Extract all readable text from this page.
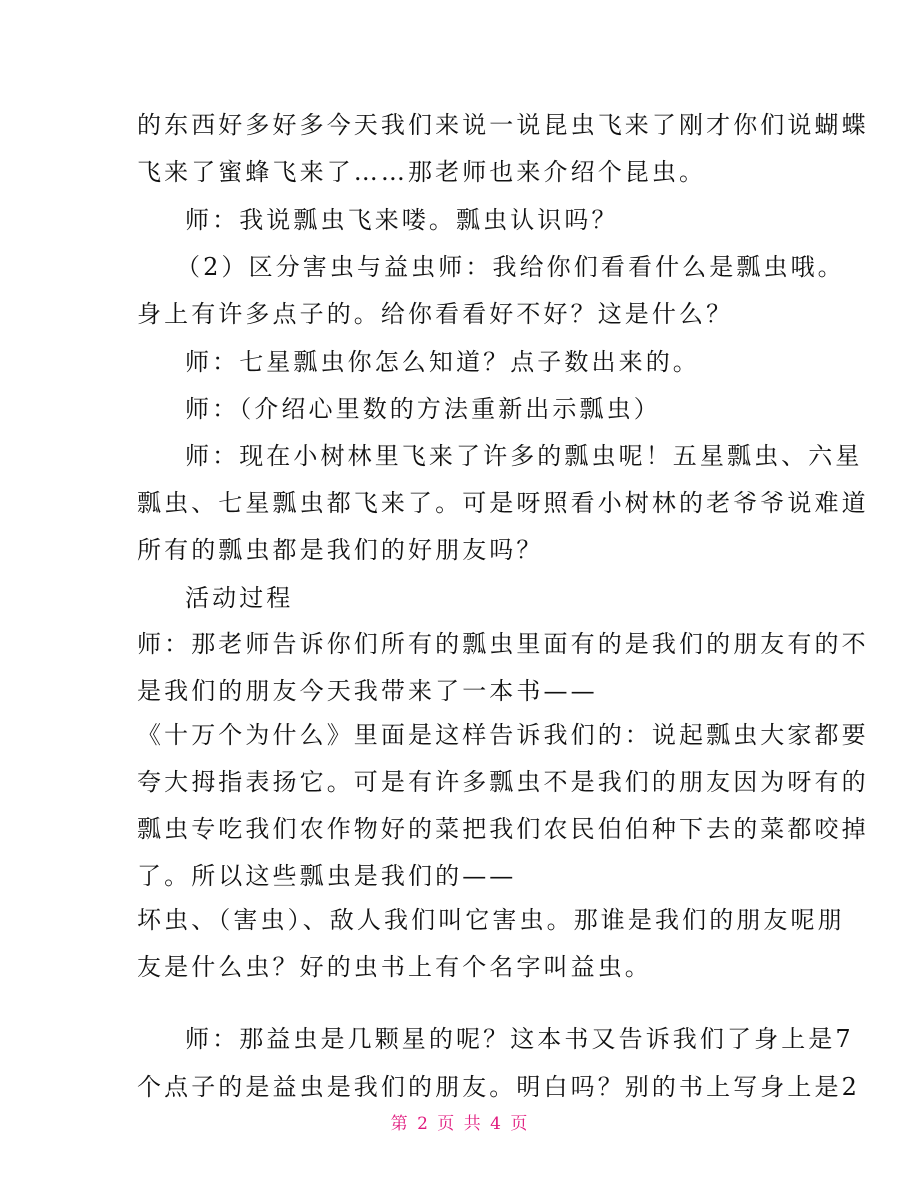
的东西好多好多今天我们来说一说昆虫飞来了刚才你们说蝴蝶
飞来了蜜蜂飞来了……那老师也来介绍个昆虫。
师：我说瓢虫飞来喽。瓢虫认识吗？
（2）区分害虫与益虫师：我给你们看看什么是瓢虫哦。
身上有许多点子的。给你看看好不好？这是什么？
师：七星瓢虫你怎么知道？点子数出来的。
师：（介绍心里数的方法重新出示瓢虫）
师：现在小树林里飞来了许多的瓢虫呢！五星瓢虫、六星
瓢虫、七星瓢虫都飞来了。可是呀照看小树林的老爷爷说难道
所有的瓢虫都是我们的好朋友吗？
活动过程
师：那老师告诉你们所有的瓢虫里面有的是我们的朋友有的不
是我们的朋友今天我带来了一本书——
《十万个为什么》里面是这样告诉我们的：说起瓢虫大家都要
夸大拇指表扬它。可是有许多瓢虫不是我们的朋友因为呀有的
瓢虫专吃我们农作物好的菜把我们农民伯伯种下去的菜都咬掉
了。所以这些瓢虫是我们的——
坏虫、（害虫）、敌人我们叫它害虫。那谁是我们的朋友呢朋
友是什么虫？好的虫书上有个名字叫益虫。
师：那益虫是几颗星的呢？这本书又告诉我们了身上是7
个点子的是益虫是我们的朋友。明白吗？别的书上写身上是2
第 2 页 共 4 页
